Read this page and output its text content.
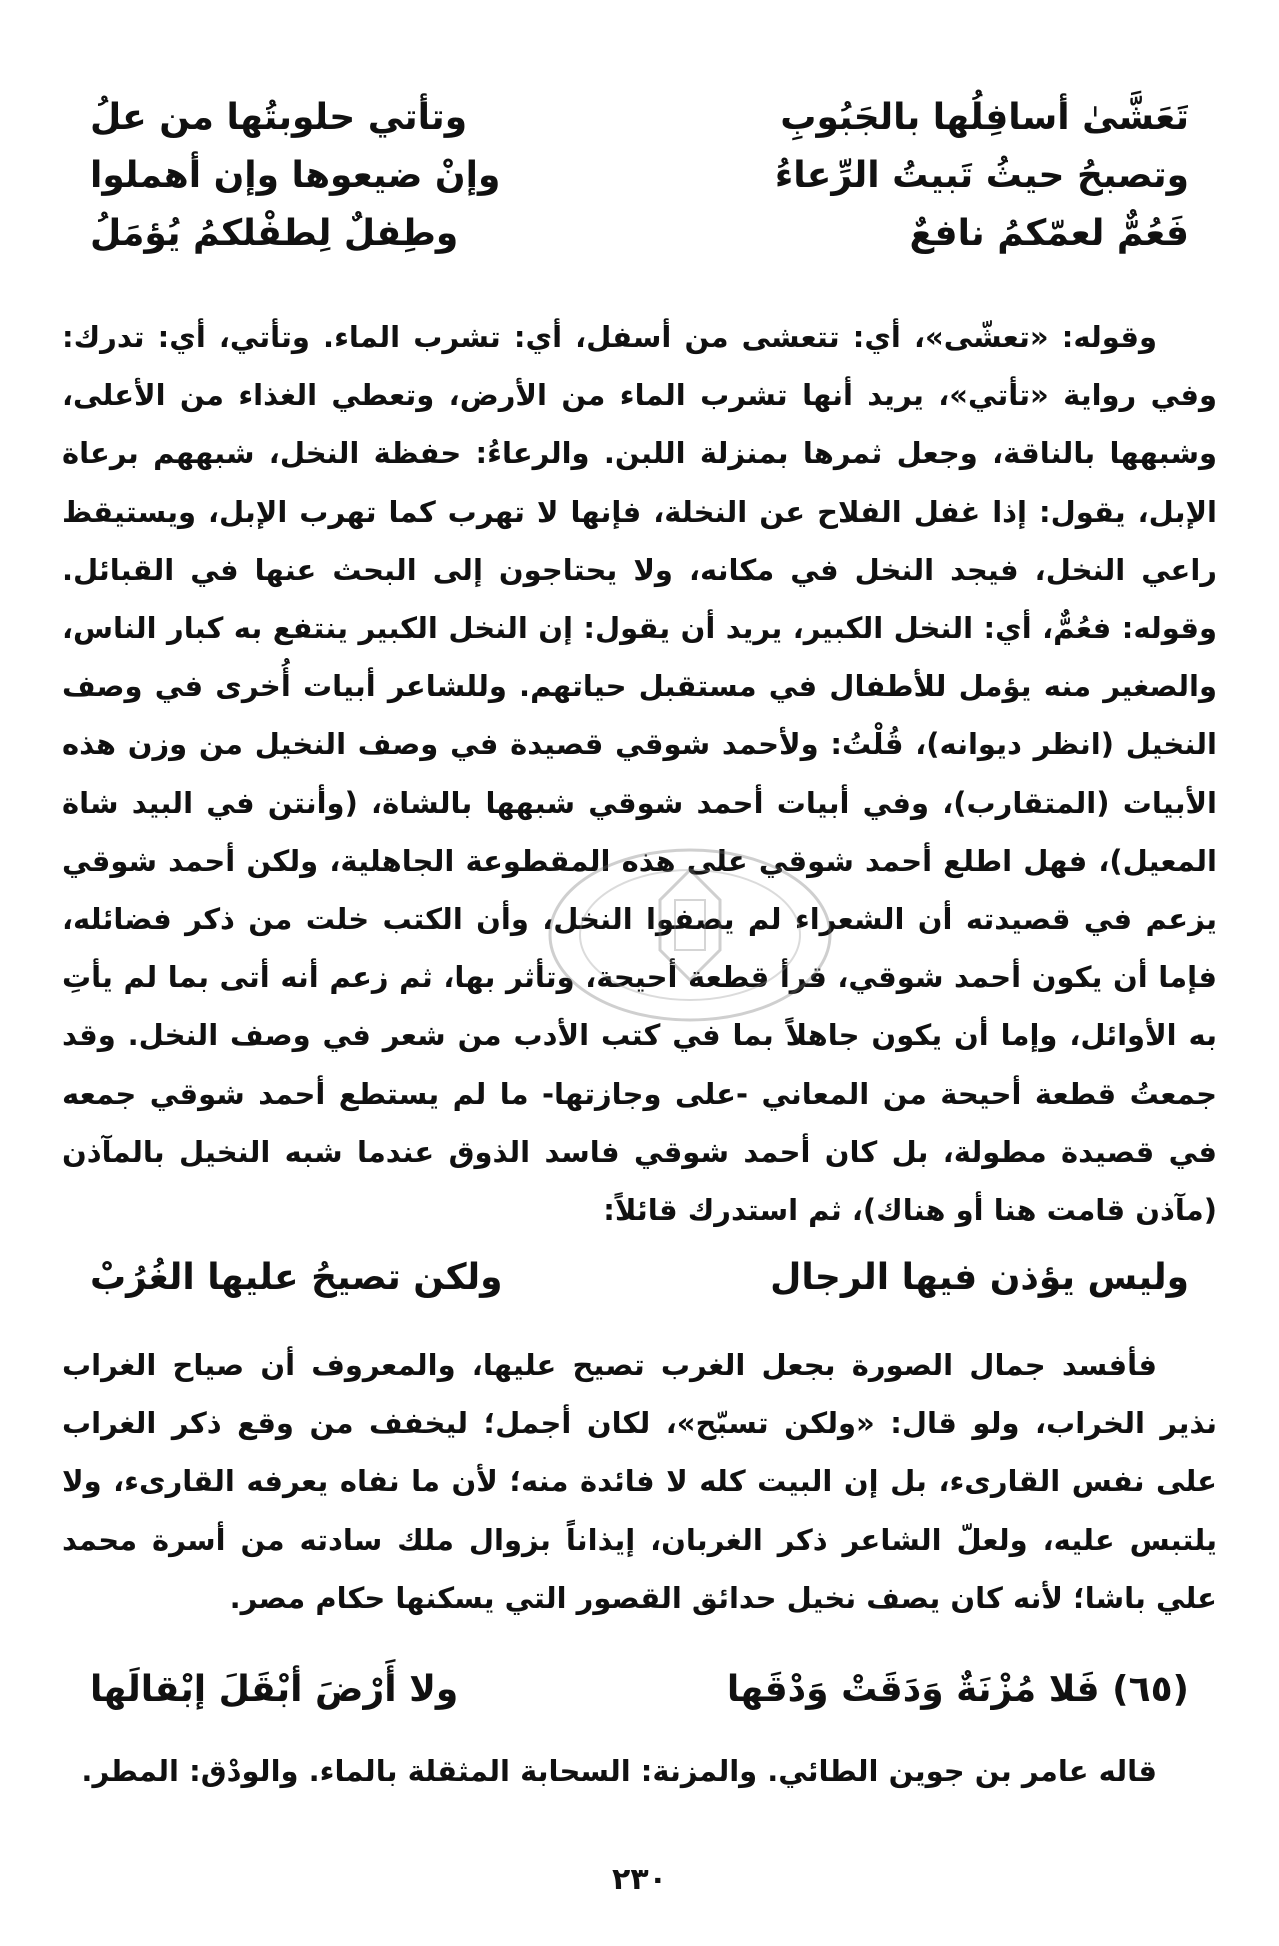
تَعَشَّىٰ أسافِلُها بالجَبُوبِ
وتأتي حلوبتُها من علُ
وتصبحُ حيثُ تَبيتُ الرِّعاءُ
وإنْ ضيعوها وإن أهملوا
فَعُمٌّ لعمّكمُ نافعٌ
وطِفلٌ لِطفْلكمُ يُؤمَلُ

وقوله: «تعشّى»، أي: تتعشى من أسفل، أي: تشرب الماء. وتأتي، أي: تدرك: وفي رواية «تأتي»، يريد أنها تشرب الماء من الأرض، وتعطي الغذاء من الأعلى، وشبهها بالناقة، وجعل ثمرها بمنزلة اللبن. والرعاءُ: حفظة النخل، شبههم برعاة الإبل، يقول: إذا غفل الفلاح عن النخلة، فإنها لا تهرب كما تهرب الإبل، ويستيقظ راعي النخل، فيجد النخل في مكانه، ولا يحتاجون إلى البحث عنها في القبائل. وقوله: فعُمٌّ، أي: النخل الكبير، يريد أن يقول: إن النخل الكبير ينتفع به كبار الناس، والصغير منه يؤمل للأطفال في مستقبل حياتهم. وللشاعر أبيات أُخرى في وصف النخيل (انظر ديوانه)، قُلْتُ: ولأحمد شوقي قصيدة في وصف النخيل من وزن هذه الأبيات (المتقارب)، وفي أبيات أحمد شوقي شبهها بالشاة، (وأنتن في البيد شاة المعيل)، فهل اطلع أحمد شوقي على هذه المقطوعة الجاهلية، ولكن أحمد شوقي يزعم في قصيدته أن الشعراء لم يصفوا النخل، وأن الكتب خلت من ذكر فضائله، فإما أن يكون أحمد شوقي، قرأ قطعة أحيحة، وتأثر بها، ثم زعم أنه أتى بما لم يأتِ به الأوائل، وإما أن يكون جاهلاً بما في كتب الأدب من شعر في وصف النخل. وقد جمعتُ قطعة أحيحة من المعاني -على وجازتها- ما لم يستطع أحمد شوقي جمعه في قصيدة مطولة، بل كان أحمد شوقي فاسد الذوق عندما شبه النخيل بالمآذن (مآذن قامت هنا أو هناك)، ثم استدرك قائلاً:

وليس يؤذن فيها الرجال
ولكن تصيحُ عليها الغُرُبْ

فأفسد جمال الصورة بجعل الغرب تصيح عليها، والمعروف أن صياح الغراب نذير الخراب، ولو قال: «ولكن تسبّح»، لكان أجمل؛ ليخفف من وقع ذكر الغراب على نفس القارىء، بل إن البيت كله لا فائدة منه؛ لأن ما نفاه يعرفه القارىء، ولا يلتبس عليه، ولعلّ الشاعر ذكر الغربان، إيذاناً بزوال ملك سادته من أسرة محمد علي باشا؛ لأنه كان يصف نخيل حدائق القصور التي يسكنها حكام مصر.

(٦٥) فَلا مُزْنَةٌ وَدَقَتْ وَدْقَها
ولا أَرْضَ أبْقَلَ إبْقالَها

قاله عامر بن جوين الطائي. والمزنة: السحابة المثقلة بالماء. والودْق: المطر.

٢٣٠
